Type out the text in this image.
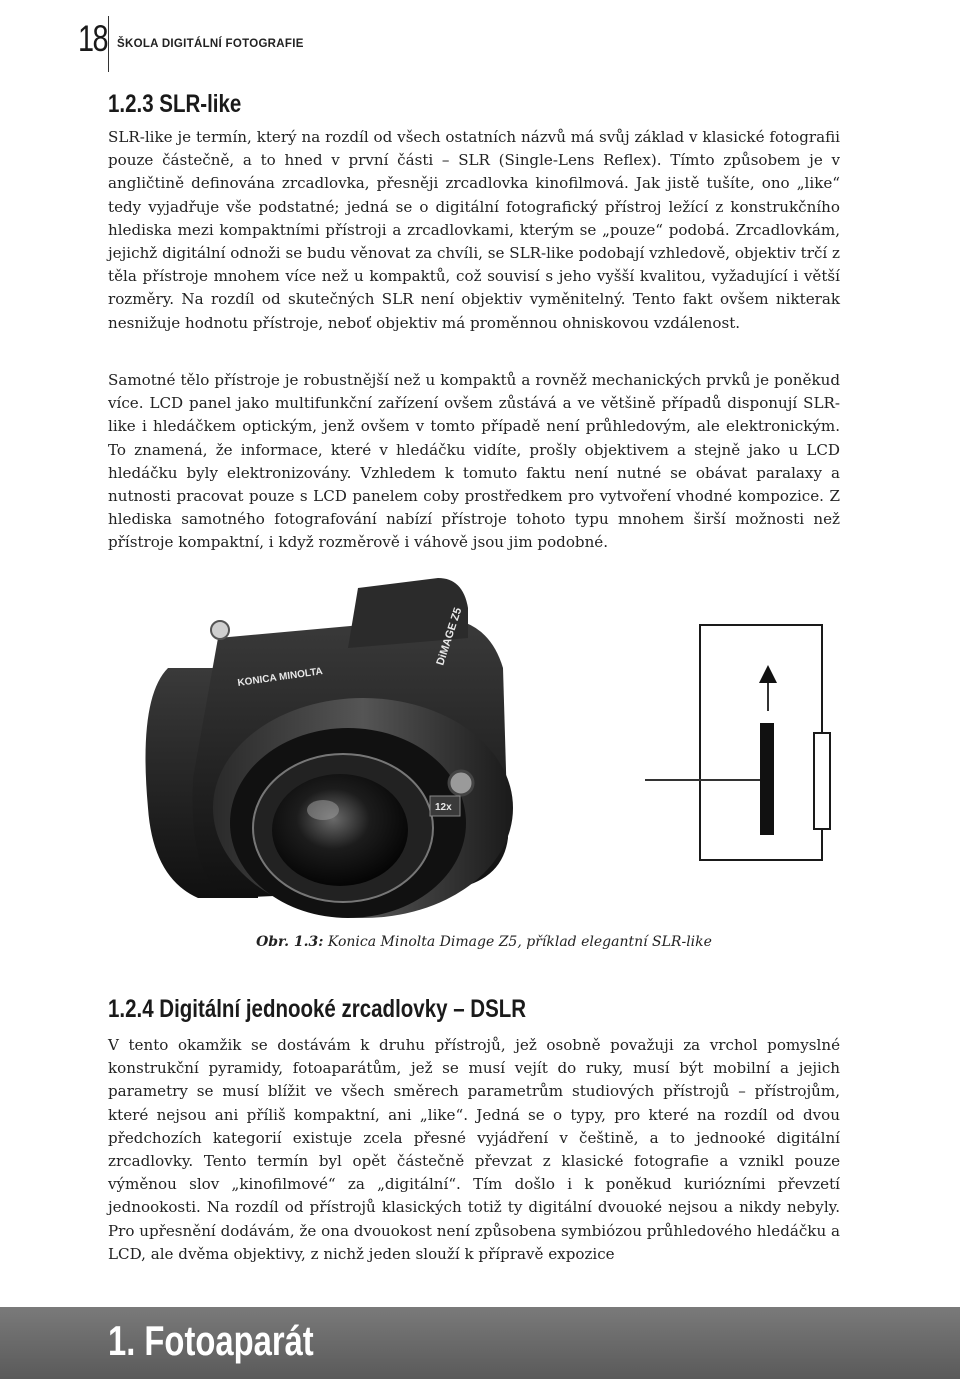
18 ŠKOLA DIGITÁLNÍ FOTOGRAFIE
1.2.3 SLR-like

SLR-like je termín, který na rozdíl od všech ostatních názvů má svůj základ v klasické fotografii pouze částečně, a to hned v první části – SLR (Single-Lens Reflex). Tímto způsobem je v angličtině definována zrcadlovka, přesněji zrcadlovka kinofilmová. Jak jistě tušíte, ono „like“ tedy vyjadřuje vše podstatné; jedná se o digitální fotografický přístroj ležící z konstrukčního hlediska mezi kompaktními přístroji a zrcadlovkami, kterým se „pouze“ podobá. Zrcadlovkám, jejichž digitální odnoži se budu věnovat za chvíli, se SLR-like podobají vzhledově, objektiv trčí z těla přístroje mnohem více než u kompaktů, což souvisí s jeho vyšší kvalitou, vyžadující i větší rozměry. Na rozdíl od skutečných SLR není objektiv vyměnitelný. Tento fakt ovšem nikterak nesnižuje hodnotu přístroje, neboť objektiv má proměnnou ohniskovou vzdálenost.

Samotné tělo přístroje je robustnější než u kompaktů a rovněž mechanických prvků je poněkud více. LCD panel jako multifunkční zařízení ovšem zůstává a ve většině případů disponují SLR-like i hledáčkem optickým, jenž ovšem v tomto případě není průhledovým, ale elektronickým. To znamená, že informace, které v hledáčku vidíte, prošly objektivem a stejně jako u LCD hledáčku byly elektronizovány. Vzhledem k tomuto faktu není nutné se obávat paralaxy a nutnosti pracovat pouze s LCD panelem coby prostředkem pro vytvoření vhodné kompozice. Z hlediska samotného fotografování nabízí přístroje tohoto typu mnohem širší možnosti než přístroje kompaktní, i když rozměrově i váhově jsou jim podobné.

KONICA MINOLTA
DiMAGE Z5
12x
Obr. 1.3: Konica Minolta Dimage Z5, příklad elegantní SLR-like
1.2.4 Digitální jednooké zrcadlovky – DSLR

V tento okamžik se dostávám k druhu přístrojů, jež osobně považuji za vrchol pomyslné konstrukční pyramidy, fotoaparátům, jež se musí vejít do ruky, musí být mobilní a jejich parametry se musí blížit ve všech směrech parametrům studiových přístrojů – přístrojům, které nejsou ani příliš kompaktní, ani „like“. Jedná se o typy, pro které na rozdíl od dvou předchozích kategorií existuje zcela přesné vyjádření v češtině, a to jednooké digitální zrcadlovky. Tento termín byl opět částečně převzat z klasické fotografie a vznikl pouze výměnou slov „kinofilmové“ za „digitální“. Tím došlo i k poněkud kuriózními převzetí jednookosti. Na rozdíl od přístrojů klasických totiž ty digitální dvouoké nejsou a nikdy nebyly. Pro upřesnění dodávám, že ona dvouokost není způsobena symbiózou průhledového hledáčku a LCD, ale dvěma objektivy, z nichž jeden slouží k přípravě expozice

1. Fotoaparát
